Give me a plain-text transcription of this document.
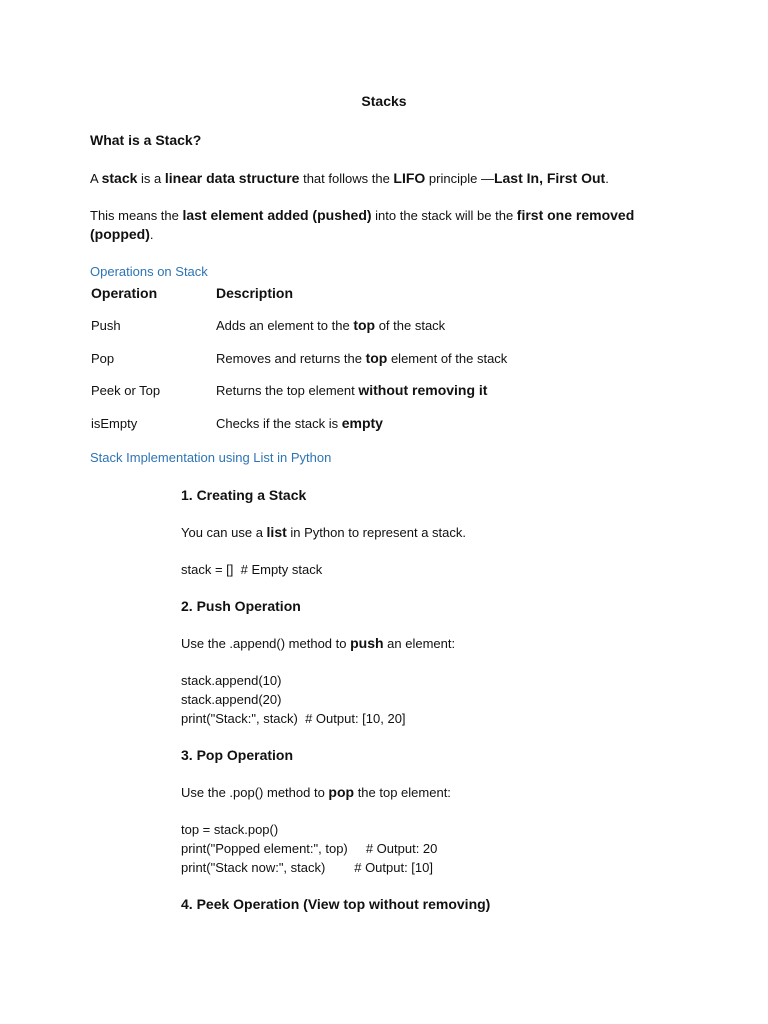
Stacks

What is a Stack?

A stack is a linear data structure that follows the LIFO principle —Last In, First Out.

This means the last element added (pushed) into the stack will be the first one removed (popped).

Operations on Stack

Operation	Description

Push	Adds an element to the top of the stack

Pop	Removes and returns the top element of the stack

Peek or Top	Returns the top element without removing it

isEmpty	Checks if the stack is empty

Stack Implementation using List in Python

1. Creating a Stack

You can use a list in Python to represent a stack.

stack = []  # Empty stack

2. Push Operation

Use the .append() method to push an element:

stack.append(10)

stack.append(20)

print("Stack:", stack)  # Output: [10, 20]

3. Pop Operation

Use the .pop() method to pop the top element:

top = stack.pop()

print("Popped element:", top)     # Output: 20

print("Stack now:", stack)        # Output: [10]

4. Peek Operation (View top without removing)
